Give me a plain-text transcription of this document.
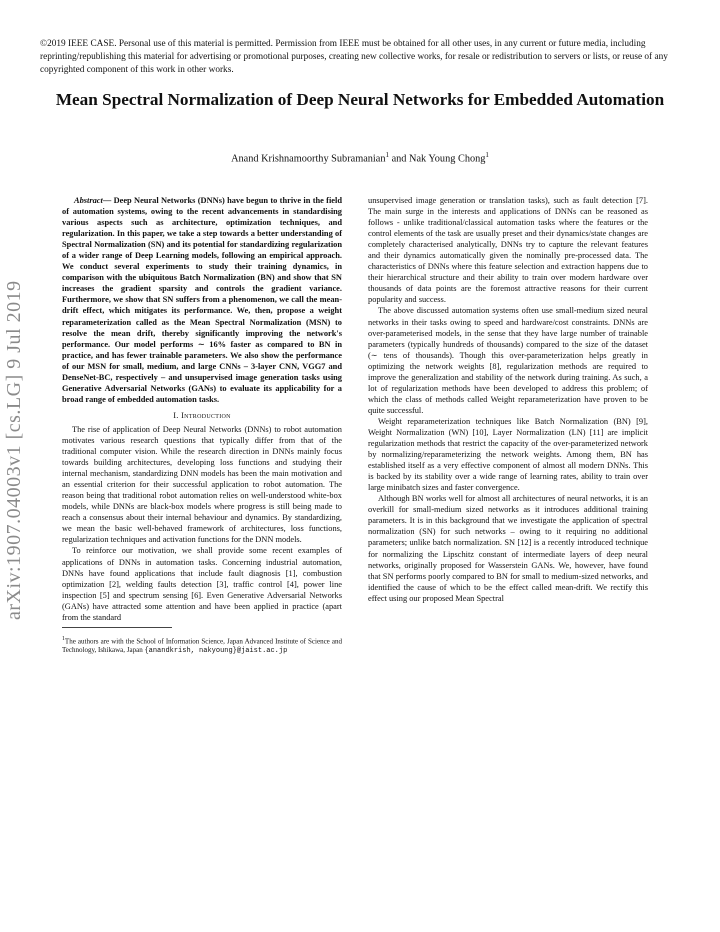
©2019 IEEE CASE. Personal use of this material is permitted. Permission from IEEE must be obtained for all other uses, in any current or future media, including reprinting/republishing this material for advertising or promotional purposes, creating new collective works, for resale or redistribution to servers or lists, or reuse of any copyrighted component of this work in other works.
Mean Spectral Normalization of Deep Neural Networks for Embedded Automation
Anand Krishnamoorthy Subramanian$^1$ and Nak Young Chong$^1$
arXiv:1907.04003v1 [cs.LG] 9 Jul 2019

Abstract— Deep Neural Networks (DNNs) have begun to thrive in the field of automation systems, owing to the recent advancements in standardising various aspects such as architecture, optimization techniques, and regularization. In this paper, we take a step towards a better understanding of Spectral Normalization (SN) and its potential for standardizing regularization of a wider range of Deep Learning models, following an empirical approach. We conduct several experiments to study their training dynamics, in comparison with the ubiquitous Batch Normalization (BN) and show that SN increases the gradient sparsity and controls the gradient variance. Furthermore, we show that SN suffers from a phenomenon, we call the mean-drift effect, which mitigates its performance. We, then, propose a weight reparameterization called as the Mean Spectral Normalization (MSN) to resolve the mean drift, thereby significantly improving the network's performance. Our model performs ∼ 16% faster as compared to BN in practice, and has fewer trainable parameters. We also show the performance of our MSN for small, medium, and large CNNs – 3-layer CNN, VGG7 and DenseNet-BC, respectively – and unsupervised image generation tasks using Generative Adversarial Networks (GANs) to evaluate its applicability for a broad range of embedded automation tasks.

I. Introduction

The rise of application of Deep Neural Networks (DNNs) to robot automation motivates various research questions that typically differ from that of the traditional computer vision. While the research direction in DNNs mainly focus towards building architectures, developing loss functions and studying their internal mechanism, standardizing DNN models has been the main motivation and an essential criterion for their successful application to robot automation. The reason being that traditional robot automation relies on well-understood white-box models, while DNNs are black-box models where progress is still being made to reach a consensus about their internal behaviour and dynamics. By standardizing, we mean the basic well-behaved framework of architectures, loss functions, regularization techniques and activation functions for the DNN models.

To reinforce our motivation, we shall provide some recent examples of applications of DNNs in automation tasks. Concerning industrial automation, DNNs have found applications that include fault diagnosis [1], combustion optimization [2], welding faults detection [3], traffic control [4], power line inspection [5] and spectrum sensing [6]. Even Generative Adversarial Networks (GANs) have attracted some attention and have been applied in practice (apart from the standard

$^1$The authors are with the School of Information Science, Japan Advanced Institute of Science and Technology, Ishikawa, Japan {anandkrish, nakyoung}@jaist.ac.jp

unsupervised image generation or translation tasks), such as fault detection [7]. The main surge in the interests and applications of DNNs can be reasoned as follows - unlike traditional/classical automation tasks where the features or the control elements of the task are usually preset and their dynamics/state changes are completely characterised analytically, DNNs try to capture the relevant features and their dynamics automatically given the nominally pre-processed data. The characteristics of DNNs where this feature selection and extraction happens due to their hierarchical structure and their ability to train over modern hardware over thousands of data points are the foremost attractive reasons for their current popularity and success.

The above discussed automation systems often use small-medium sized neural networks in their tasks owing to speed and hardware/cost constraints. DNNs are over-parameterised models, in the sense that they have large number of trainable parameters (typically hundreds of thousands) compared to the size of the dataset (∼ tens of thousands). Though this over-parameterization helps greatly in optimizing the network weights [8], regularization methods are required to improve the generalization and stability of the network during training. As such, a lot of regularization methods have been developed to address this problem; of which the class of methods called Weight reparameterization have proven to be quite successful.

Weight reparameterization techniques like Batch Normalization (BN) [9], Weight Normalization (WN) [10], Layer Normalization (LN) [11] are implicit regularization methods that restrict the capacity of the over-parameterized network by normalizing/reparameterizing the network weights. Among them, BN has established itself as a very effective component of almost all modern DNNs. This is backed by its stability over a wide range of learning rates, ability to train over large minibatch sizes and faster convergence.

Although BN works well for almost all architectures of neural networks, it is an overkill for small-medium sized networks as it introduces additional training parameters. It is in this background that we investigate the application of spectral normalization (SN) for such networks – owing to it requiring no additional parameters; unlike batch normalization. SN [12] is a recently introduced technique for normalizing the Lipschitz constant of intermediate layers of deep neural networks, originally proposed for Wasserstein GANs. We, however, have found that SN performs poorly compared to BN for small to medium-sized networks, and identified the cause of which to be the effect called mean-drift. We rectify this effect using our proposed Mean Spectral
